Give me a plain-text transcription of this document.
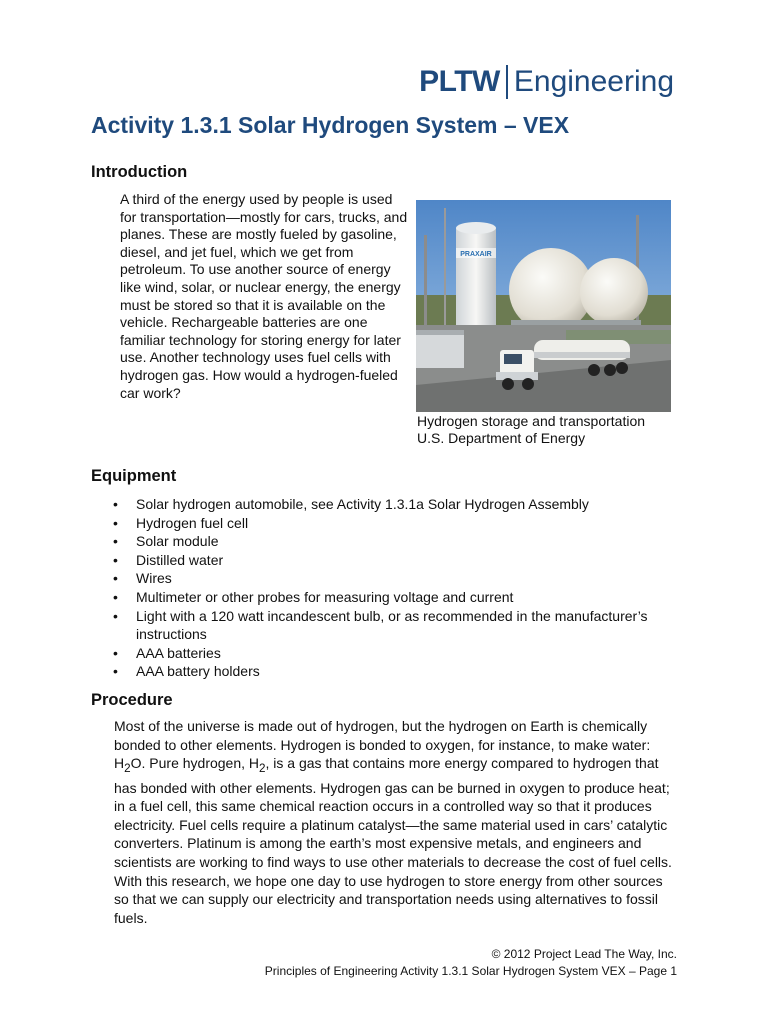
PLTW Engineering
Activity 1.3.1 Solar Hydrogen System – VEX
Introduction
A third of the energy used by people is used for transportation—mostly for cars, trucks, and planes. These are mostly fueled by gasoline, diesel, and jet fuel, which we get from petroleum. To use another source of energy like wind, solar, or nuclear energy, the energy must be stored so that it is available on the vehicle. Rechargeable batteries are one familiar technology for storing energy for later use. Another technology uses fuel cells with hydrogen gas. How would a hydrogen-fueled car work?
PRAXAIR
Hydrogen storage and transportation
U.S. Department of Energy
Equipment
• Solar hydrogen automobile, see Activity 1.3.1a Solar Hydrogen Assembly
• Hydrogen fuel cell
• Solar module
• Distilled water
• Wires
• Multimeter or other probes for measuring voltage and current
• Light with a 120 watt incandescent bulb, or as recommended in the manufacturer’s instructions
• AAA batteries
• AAA battery holders
Procedure
Most of the universe is made out of hydrogen, but the hydrogen on Earth is chemically bonded to other elements. Hydrogen is bonded to oxygen, for instance, to make water: $H_2O$. Pure hydrogen, $H_2$, is a gas that contains more energy compared to hydrogen that has bonded with other elements. Hydrogen gas can be burned in oxygen to produce heat; in a fuel cell, this same chemical reaction occurs in a controlled way so that it produces electricity. Fuel cells require a platinum catalyst—the same material used in cars’ catalytic converters. Platinum is among the earth’s most expensive metals, and engineers and scientists are working to find ways to use other materials to decrease the cost of fuel cells. With this research, we hope one day to use hydrogen to store energy from other sources so that we can supply our electricity and transportation needs using alternatives to fossil fuels.
© 2012 Project Lead The Way, Inc.
Principles of Engineering Activity 1.3.1 Solar Hydrogen System VEX – Page 1
